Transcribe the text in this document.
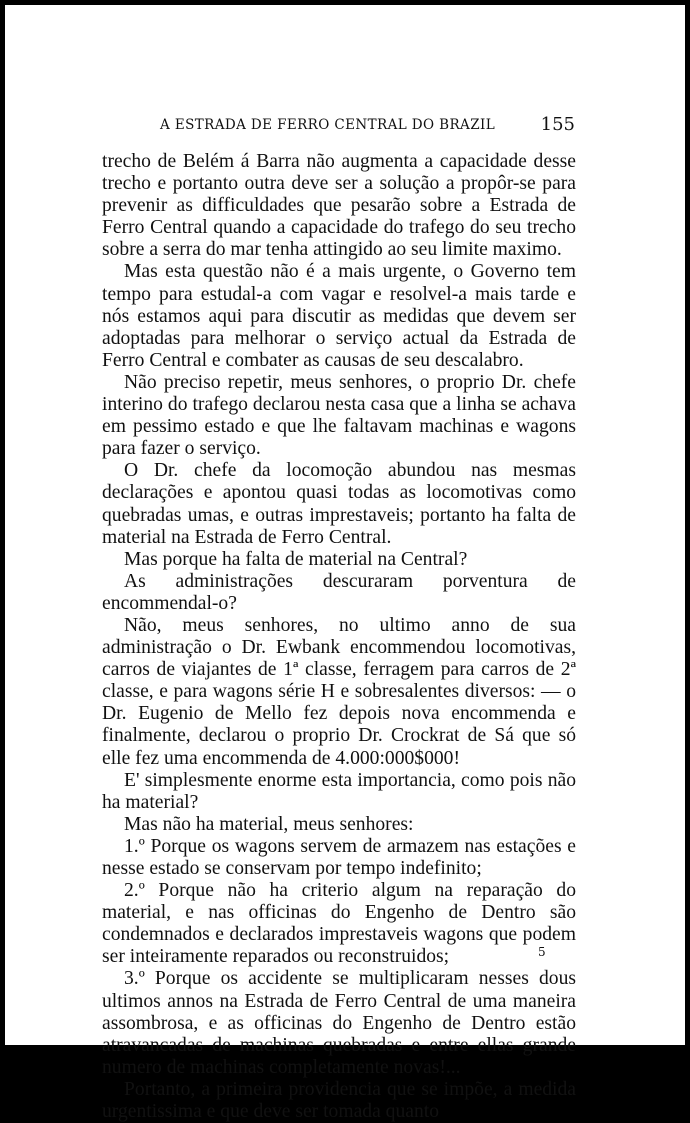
A ESTRADA DE FERRO CENTRAL DO BRAZIL	155

trecho de Belém á Barra não augmenta a capacidade desse trecho e portanto outra deve ser a solução a propôr-se para prevenir as difficuldades que pesarão sobre a Estrada de Ferro Central quando a capacidade do trafego do seu trecho sobre a serra do mar tenha attingido ao seu limite maximo.

Mas esta questão não é a mais urgente, o Governo tem tempo para estudal-a com vagar e resolvel-a mais tarde e nós estamos aqui para discutir as medidas que devem ser adoptadas para melhorar o serviço actual da Estrada de Ferro Central e combater as causas de seu descalabro.

Não preciso repetir, meus senhores, o proprio Dr. chefe interino do trafego declarou nesta casa que a linha se achava em pessimo estado e que lhe faltavam machinas e wagons para fazer o serviço.

O Dr. chefe da locomoção abundou nas mesmas declarações e apontou quasi todas as locomotivas como quebradas umas, e outras imprestaveis; portanto ha falta de material na Estrada de Ferro Central.

Mas porque ha falta de material na Central?

As administrações descuraram porventura de encommendal-o?

Não, meus senhores, no ultimo anno de sua administração o Dr. Ewbank encommendou locomotivas, carros de viajantes de 1ª classe, ferragem para carros de 2ª classe, e para wagons série H e sobresalentes diversos: — o Dr. Eugenio de Mello fez depois nova encommenda e finalmente, declarou o proprio Dr. Crockrat de Sá que só elle fez uma encommenda de 4.000:000$000!

E' simplesmente enorme esta importancia, como pois não ha material?

Mas não ha material, meus senhores:

1.º Porque os wagons servem de armazem nas estações e nesse estado se conservam por tempo indefinito;

2.º Porque não ha criterio algum na reparação do material, e nas officinas do Engenho de Dentro são condemnados e declarados imprestaveis wagons que podem ser inteiramente reparados ou reconstruidos;

3.º Porque os accidente se multiplicaram nesses dous ultimos annos na Estrada de Ferro Central de uma maneira assombrosa, e as officinas do Engenho de Dentro estão atravancadas de machinas quebradas e entre ellas grande numero de machinas completamente novas!...

Portanto, a primeira providencia que se impõe, a medida urgentissima e que deve ser tomada quanto

5
